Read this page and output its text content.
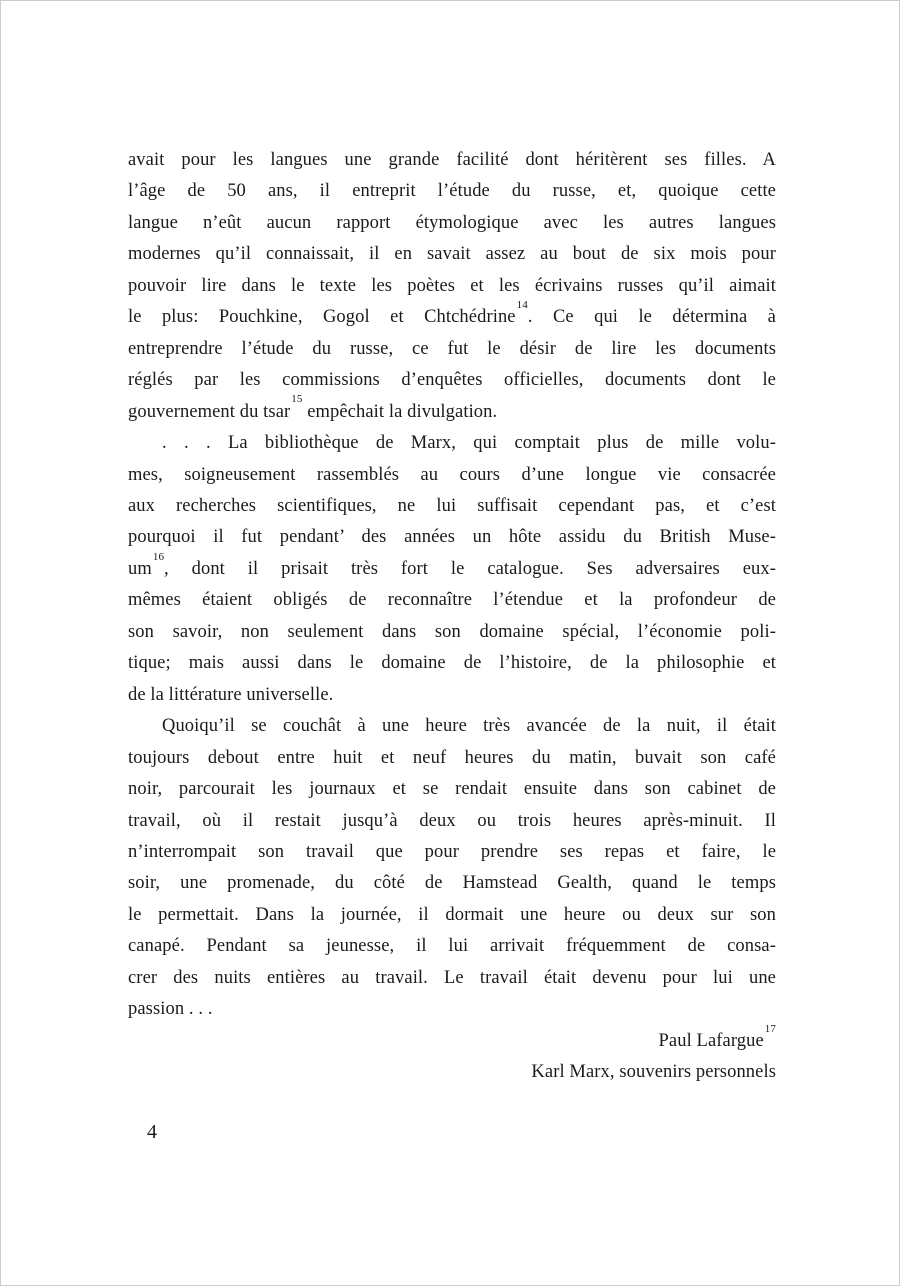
avait pour les langues une grande facilité dont héritèrent ses filles. A
l’âge de 50 ans, il entreprit l’étude du russe, et, quoique cette
langue n’eût aucun rapport étymologique avec les autres langues
modernes qu’il connaissait, il en savait assez au bout de six mois pour
pouvoir lire dans le texte les poètes et les écrivains russes qu’il aimait
le plus: Pouchkine, Gogol et Chtchédrine$^{14}$. Ce qui le détermina à
entreprendre l’étude du russe, ce fut le désir de lire les documents
réglés par les commissions d’enquêtes officielles, documents dont le
gouvernement du tsar$^{15}$ empêchait la divulgation.
. . . La bibliothèque de Marx, qui comptait plus de mille volu-
mes, soigneusement rassemblés au cours d’une longue vie consacrée
aux recherches scientifiques, ne lui suffisait cependant pas, et c’est
pourquoi il fut pendant’ des années un hôte assidu du British Muse-
um$^{16}$, dont il prisait très fort le catalogue. Ses adversaires eux-
mêmes étaient obligés de reconnaître l’étendue et la profondeur de
son savoir, non seulement dans son domaine spécial, l’économie poli-
tique; mais aussi dans le domaine de l’histoire, de la philosophie et
de la littérature universelle.
Quoiqu’il se couchât à une heure très avancée de la nuit, il était
toujours debout entre huit et neuf heures du matin, buvait son café
noir, parcourait les journaux et se rendait ensuite dans son cabinet de
travail, où il restait jusqu’à deux ou trois heures après-minuit. Il
n’interrompait son travail que pour prendre ses repas et faire, le
soir, une promenade, du côté de Hamstead Gealth, quand le temps
le permettait. Dans la journée, il dormait une heure ou deux sur son
canapé. Pendant sa jeunesse, il lui arrivait fréquemment de consa-
crer des nuits entières au travail. Le travail était devenu pour lui une
passion . . .
Paul Lafargue$^{17}$
Karl Marx, souvenirs personnels
4
